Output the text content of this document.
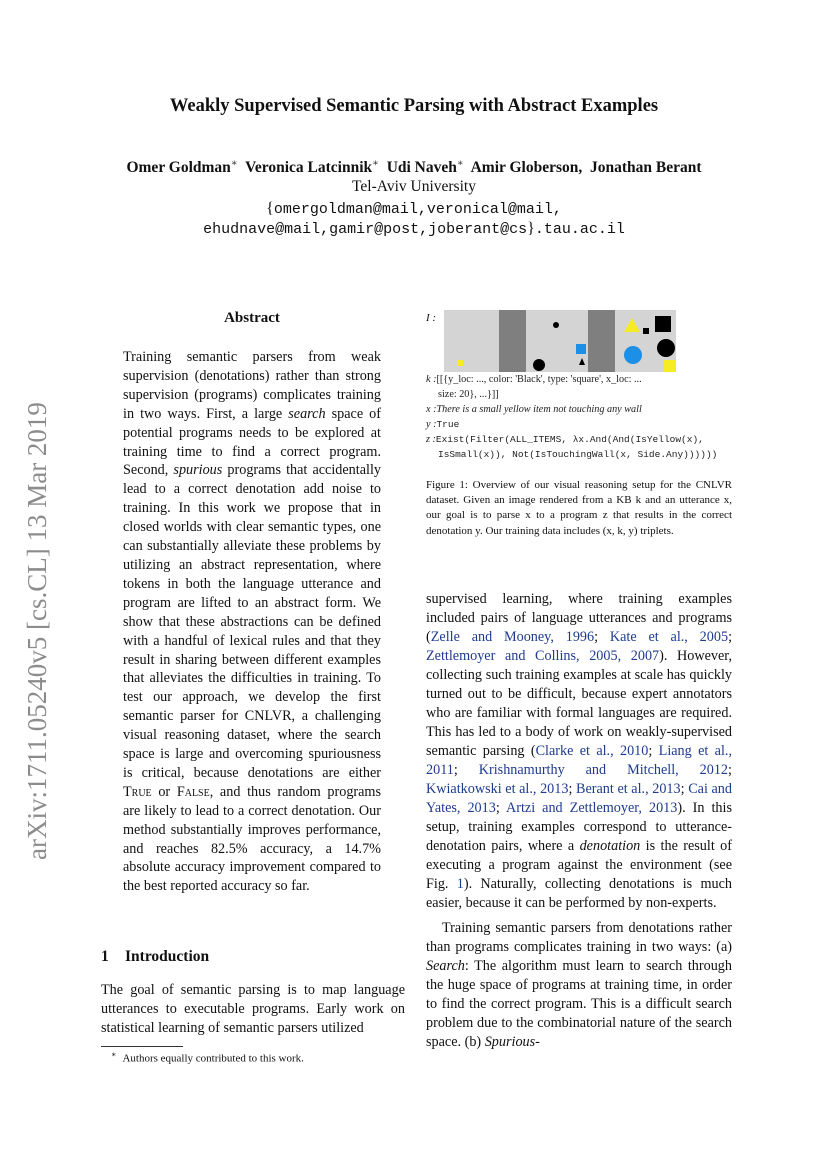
Weakly Supervised Semantic Parsing with Abstract Examples
Omer Goldman∗ Veronica Latcinnik∗ Udi Naveh∗ Amir Globerson, Jonathan Berant
Tel-Aviv University
{omergoldman@mail,veronical@mail,
ehudnave@mail,gamir@post,joberant@cs}.tau.ac.il
arXiv:1711.05240v5 [cs.CL] 13 Mar 2019
Abstract

Training semantic parsers from weak supervision (denotations) rather than strong supervision (programs) complicates training in two ways. First, a large search space of potential programs needs to be explored at training time to find a correct program. Second, spurious programs that accidentally lead to a correct denotation add noise to training. In this work we propose that in closed worlds with clear semantic types, one can substantially alleviate these problems by utilizing an abstract representation, where tokens in both the language utterance and program are lifted to an abstract form. We show that these abstractions can be defined with a handful of lexical rules and that they result in sharing between different examples that alleviates the difficulties in training. To test our approach, we develop the first semantic parser for CNLVR, a challenging visual reasoning dataset, where the search space is large and overcoming spuriousness is critical, because denotations are either True or False, and thus random programs are likely to lead to a correct denotation. Our method substantially improves performance, and reaches 82.5% accuracy, a 14.7% absolute accuracy improvement compared to the best reported accuracy so far.

1 Introduction
The goal of semantic parsing is to map language utterances to executable programs. Early work on statistical learning of semantic parsers utilized
∗ Authors equally contributed to this work.
I :
k :[[{y_loc: ..., color: 'Black', type: 'square', x_loc: ...
size: 20}, ...}]]
x :There is a small yellow item not touching any wall
y :True
z :Exist(Filter(ALL_ITEMS, λx.And(And(IsYellow(x),
IsSmall(x)), Not(IsTouchingWall(x, Side.Any))))))
Figure 1: Overview of our visual reasoning setup for the CNLVR dataset. Given an image rendered from a KB k and an utterance x, our goal is to parse x to a program z that results in the correct denotation y. Our training data includes (x, k, y) triplets.

supervised learning, where training examples included pairs of language utterances and programs (Zelle and Mooney, 1996; Kate et al., 2005; Zettlemoyer and Collins, 2005, 2007). However, collecting such training examples at scale has quickly turned out to be difficult, because expert annotators who are familiar with formal languages are required. This has led to a body of work on weakly-supervised semantic parsing (Clarke et al., 2010; Liang et al., 2011; Krishnamurthy and Mitchell, 2012; Kwiatkowski et al., 2013; Berant et al., 2013; Cai and Yates, 2013; Artzi and Zettlemoyer, 2013). In this setup, training examples correspond to utterance-denotation pairs, where a denotation is the result of executing a program against the environment (see Fig. 1). Naturally, collecting denotations is much easier, because it can be performed by non-experts.

Training semantic parsers from denotations rather than programs complicates training in two ways: (a) Search: The algorithm must learn to search through the huge space of programs at training time, in order to find the correct program. This is a difficult search problem due to the combinatorial nature of the search space. (b) Spurious-
